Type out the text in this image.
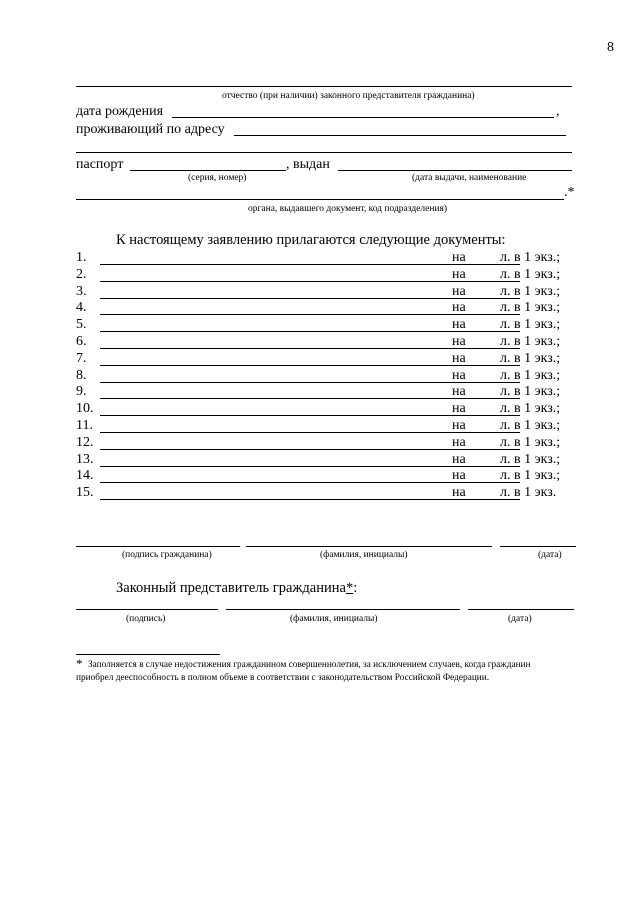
8
отчество (при наличии) законного представителя гражданина)
дата рождения	,
проживающий по адресу
паспорт	, выдан
(серия, номер)	(дата выдачи, наименование
.*
органа, выдавшего документ, код подразделения)
К настоящему заявлению прилагаются следующие документы:
1.	на л. в 1 экз.;
2.	на л. в 1 экз.;
3.	на л. в 1 экз.;
4.	на л. в 1 экз.;
5.	на л. в 1 экз.;
6.	на л. в 1 экз.;
7.	на л. в 1 экз.;
8.	на л. в 1 экз.;
9.	на л. в 1 экз.;
10.	на л. в 1 экз.;
11.	на л. в 1 экз.;
12.	на л. в 1 экз.;
13.	на л. в 1 экз.;
14.	на л. в 1 экз.;
15.	на л. в 1 экз.
(подпись гражданина)	(фамилия, инициалы)	(дата)
Законный представитель гражданина*:
(подпись)	(фамилия, инициалы)	(дата)
* Заполняется в случае недостижения гражданином совершеннолетия, за исключением случаев, когда гражданин
приобрел дееспособность в полном объеме в соответствии с законодательством Российской Федерации.
